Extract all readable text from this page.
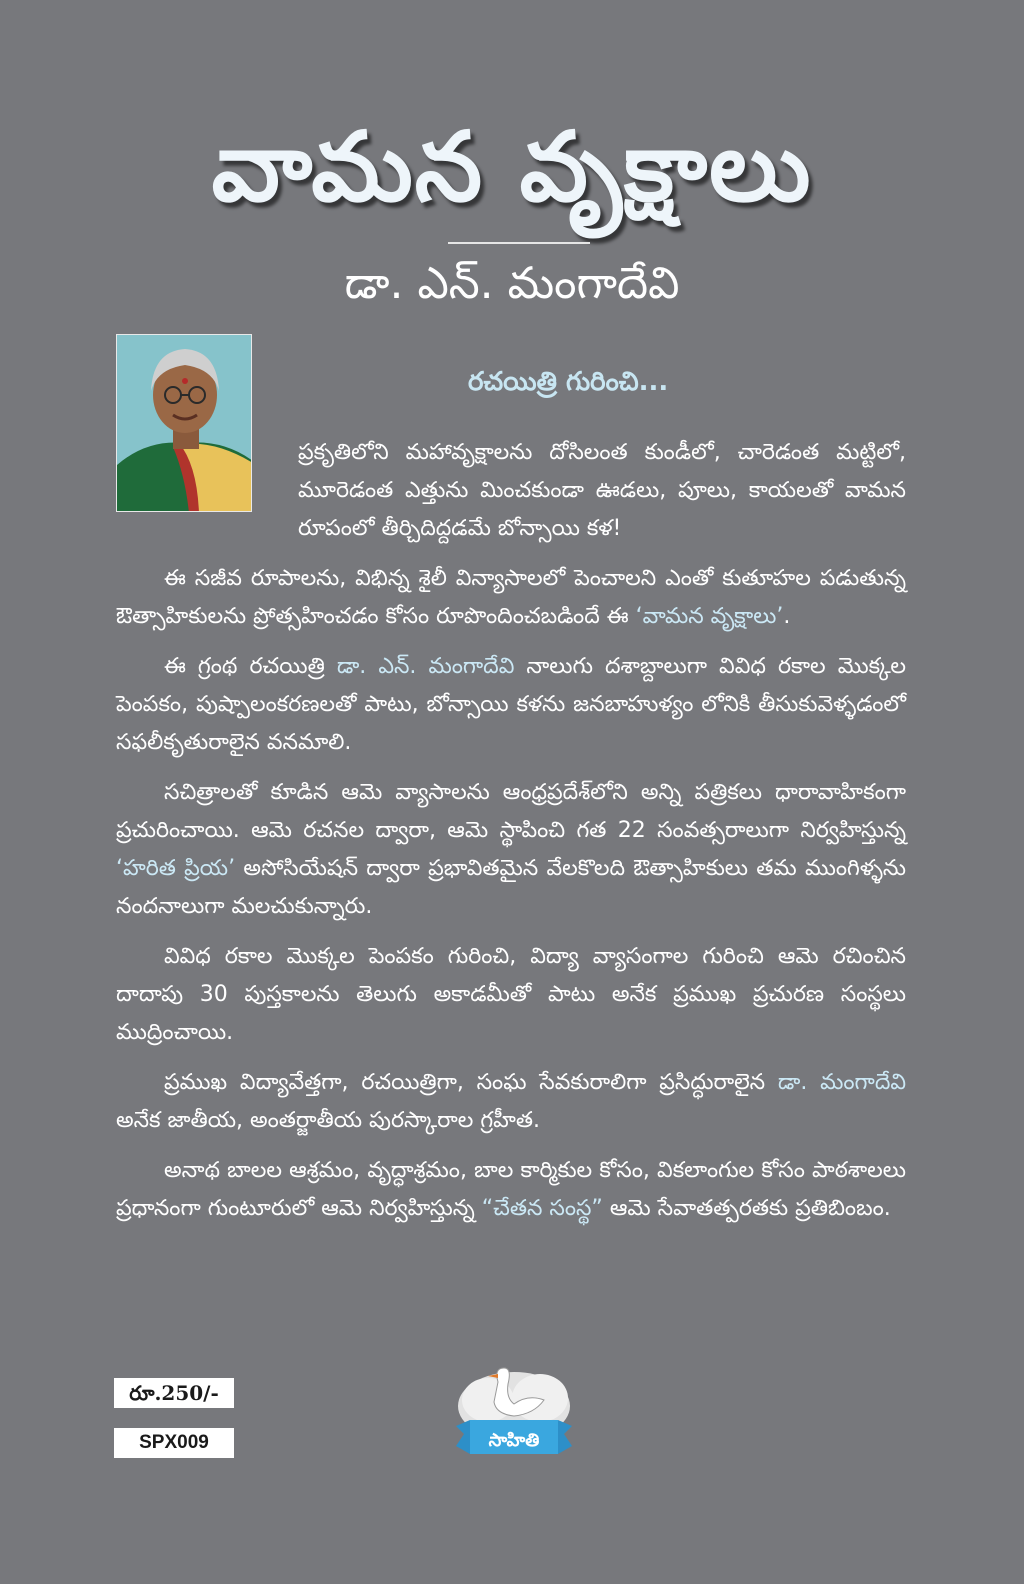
వామన వృక్షాలు
డా. ఎన్. మంగాదేవి
రచయిత్రి గురించి...

ప్రకృతిలోని మహావృక్షాలను దోసిలంత కుండీలో, చారెడంత మట్టిలో, మూరెడంత ఎత్తును మించకుండా ఊడలు, పూలు, కాయలతో వామన రూపంలో తీర్చిదిద్దడమే బోన్సాయి కళ!

ఈ సజీవ రూపాలను, విభిన్న శైలీ విన్యాసాలలో పెంచాలని ఎంతో కుతూహల పడుతున్న ఔత్సాహికులను ప్రోత్సహించడం కోసం రూపొందించబడిందే ఈ ‘వామన వృక్షాలు’.

ఈ గ్రంథ రచయిత్రి డా. ఎన్. మంగాదేవి నాలుగు దశాబ్దాలుగా వివిధ రకాల మొక్కల పెంపకం, పుష్పాలంకరణలతో పాటు, బోన్సాయి కళను జనబాహుళ్యం లోనికి తీసుకువెళ్ళడంలో సఫలీకృతురాలైన వనమాలి.

సచిత్రాలతో కూడిన ఆమె వ్యాసాలను ఆంధ్రప్రదేశ్‌లోని అన్ని పత్రికలు ధారావాహికంగా ప్రచురించాయి. ఆమె రచనల ద్వారా, ఆమె స్థాపించి గత 22 సంవత్సరాలుగా నిర్వహిస్తున్న ‘హరిత ప్రియ’ అసోసియేషన్ ద్వారా ప్రభావితమైన వేలకొలది ఔత్సాహికులు తమ ముంగిళ్ళను నందనాలుగా మలచుకున్నారు.

వివిధ రకాల మొక్కల పెంపకం గురించి, విద్యా వ్యాసంగాల గురించి ఆమె రచించిన దాదాపు 30 పుస్తకాలను తెలుగు అకాడమీతో పాటు అనేక ప్రముఖ ప్రచురణ సంస్థలు ముద్రించాయి.

ప్రముఖ విద్యావేత్తగా, రచయిత్రిగా, సంఘ సేవకురాలిగా ప్రసిద్ధురాలైన డా. మంగాదేవి అనేక జాతీయ, అంతర్జాతీయ పురస్కారాల గ్రహీత.

అనాథ బాలల ఆశ్రమం, వృద్ధాశ్రమం, బాల కార్మికుల కోసం, వికలాంగుల కోసం పాఠశాలలు ప్రధానంగా గుంటూరులో ఆమె నిర్వహిస్తున్న “చేతన సంస్థ” ఆమె సేవాతత్పరతకు ప్రతిబింబం.

రూ.250/-
SPX009	సాహితి
